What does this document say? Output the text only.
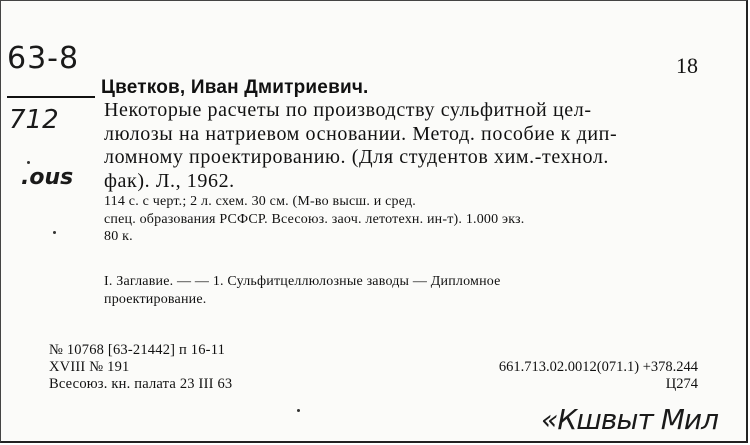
63-8
712
.ous
18
Цветков, Иван Дмитриевич.
Некоторые расчеты по производству сульфитной цел-
люлозы на натриевом основании. Метод. пособие к дип-
ломному проектированию. (Для студентов хим.-технол.
фак). Л., 1962.
114 с. с черт.; 2 л. схем. 30 см. (М-во высш. и сред.
спец. образования РСФСР. Всесоюз. заоч. летотехн. ин-т). 1.000 экз.
80 к.
I. Заглавие. — — 1. Сульфитцеллюлозные заводы — Дипломное
проектирование.
№ 10768 [63-21442] п 16-11
XVIII № 191
Всесоюз. кн. палата 23 III 63
661.713.02.0012(071.1) +378.244
Ц274
«Кшвыт Мил
